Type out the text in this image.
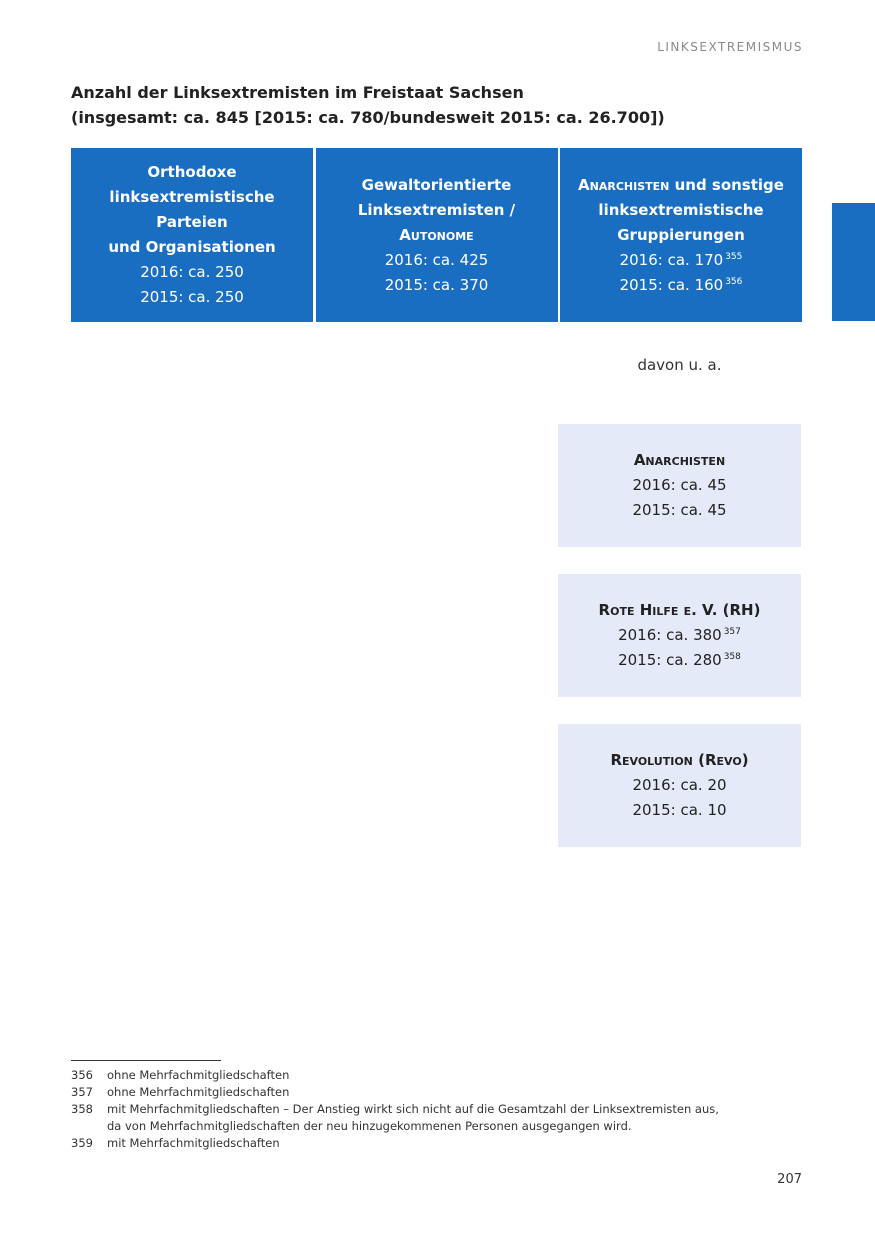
LINKSEXTREMISMUS
Anzahl der Linksextremisten im Freistaat Sachsen
(insgesamt: ca. 845 [2015: ca. 780/bundesweit 2015: ca. 26.700])
Orthodoxe
linksextremistische Parteien
und Organisationen
2016: ca. 250
2015: ca. 250
Gewaltorientierte
Linksextremisten /
Autonome
2016: ca. 425
2015: ca. 370
Anarchisten und sonstige
linksextremistische
Gruppierungen
2016: ca. 170 $^{355}$
2015: ca. 160 $^{356}$
davon u. a.
Anarchisten
2016: ca. 45
2015: ca. 45
Rote Hilfe e. V. (RH)
2016: ca. 380 $^{357}$
2015: ca. 280 $^{358}$
Revolution (Revo)
2016: ca. 20
2015: ca. 10
356	ohne Mehrfachmitgliedschaften
357	ohne Mehrfachmitgliedschaften
358	mit Mehrfachmitgliedschaften – Der Anstieg wirkt sich nicht auf die Gesamtzahl der Linksextremisten aus,
da von Mehrfachmitgliedschaften der neu hinzugekommenen Personen ausgegangen wird.
359	mit Mehrfachmitgliedschaften
207
